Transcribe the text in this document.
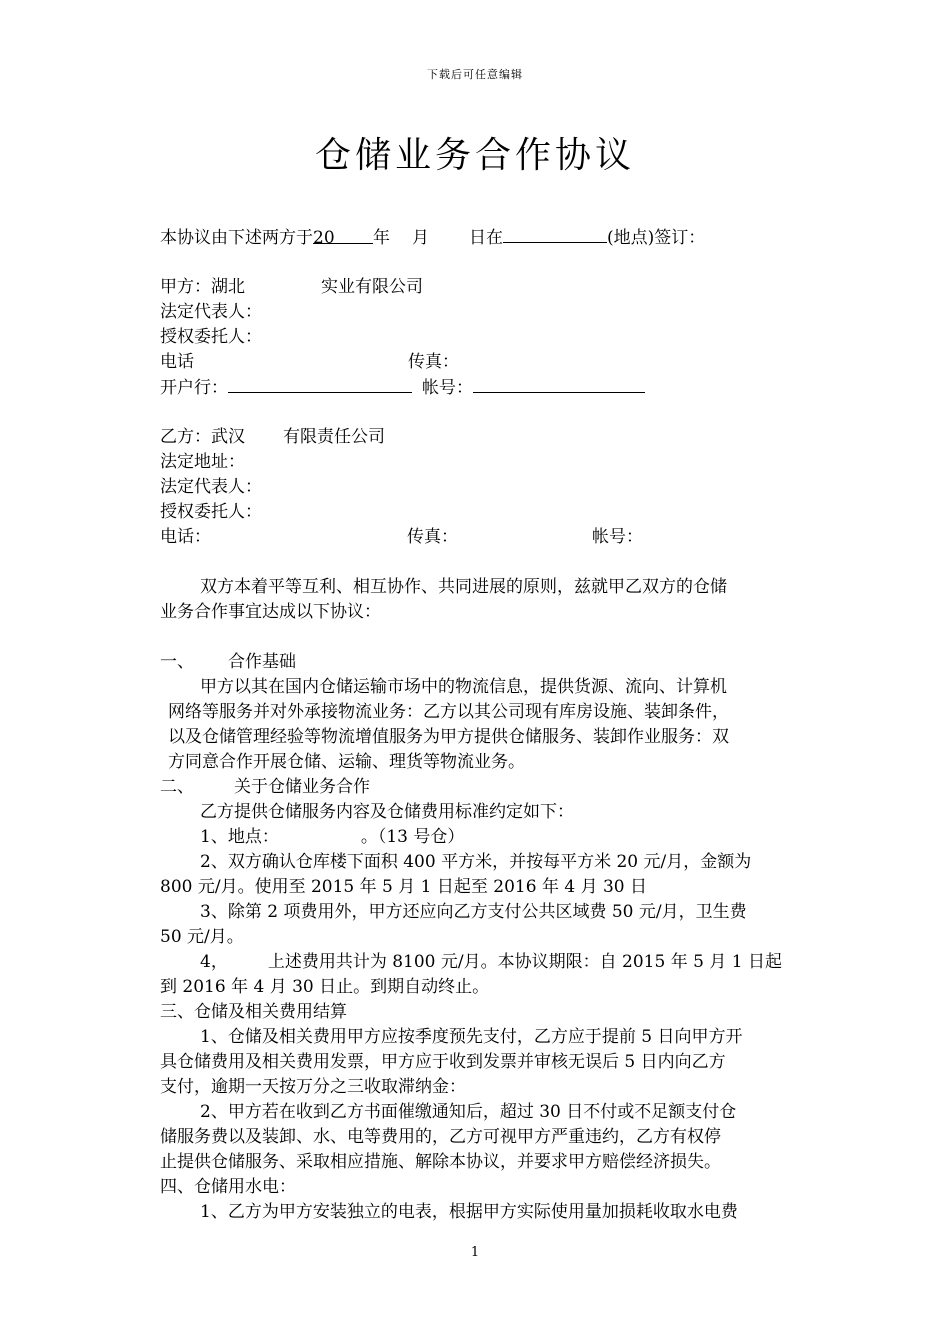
下载后可任意编辑
仓储业务合作协议
本协议由下述两方于20 年 月 日在	(地点)签订：
甲方：湖北	实业有限公司
法定代表人：
授权委托人：
电话	传真：
开户行：	帐号：
乙方：武汉 有限责任公司
法定地址：
法定代表人：
授权委托人：
电话：	传真：	帐号：
双方本着平等互利、相互协作、共同进展的原则，兹就甲乙双方的仓储
业务合作事宜达成以下协议：
一、 合作基础
甲方以其在国内仓储运输市场中的物流信息，提供货源、流向、计算机
网络等服务并对外承接物流业务：乙方以其公司现有库房设施、装卸条件，
以及仓储管理经验等物流增值服务为甲方提供仓储服务、装卸作业服务：双
方同意合作开展仓储、运输、理货等物流业务。
二、 关于仓储业务合作
乙方提供仓储服务内容及仓储费用标准约定如下：
1、地点：	。（13 号仓）
2、双方确认仓库楼下面积 400 平方米，并按每平方米 20 元/月，金额为
800 元/月。使用至 2015 年 5 月 1 日起至 2016 年 4 月 30 日
3、除第 2 项费用外，甲方还应向乙方支付公共区域费 50 元/月，卫生费
50 元/月。
4， 上述费用共计为 8100 元/月。本协议期限：自 2015 年 5 月 1 日起
到 2016 年 4 月 30 日止。到期自动终止。
三、仓储及相关费用结算
1、仓储及相关费用甲方应按季度预先支付，乙方应于提前 5 日向甲方开
具仓储费用及相关费用发票，甲方应于收到发票并审核无误后 5 日内向乙方
支付，逾期一天按万分之三收取滞纳金：
2、甲方若在收到乙方书面催缴通知后，超过 30 日不付或不足额支付仓
储服务费以及装卸、水、电等费用的，乙方可视甲方严重违约，乙方有权停
止提供仓储服务、采取相应措施、解除本协议，并要求甲方赔偿经济损失。
四、仓储用水电：
1、乙方为甲方安装独立的电表，根据甲方实际使用量加损耗收取水电费
1
